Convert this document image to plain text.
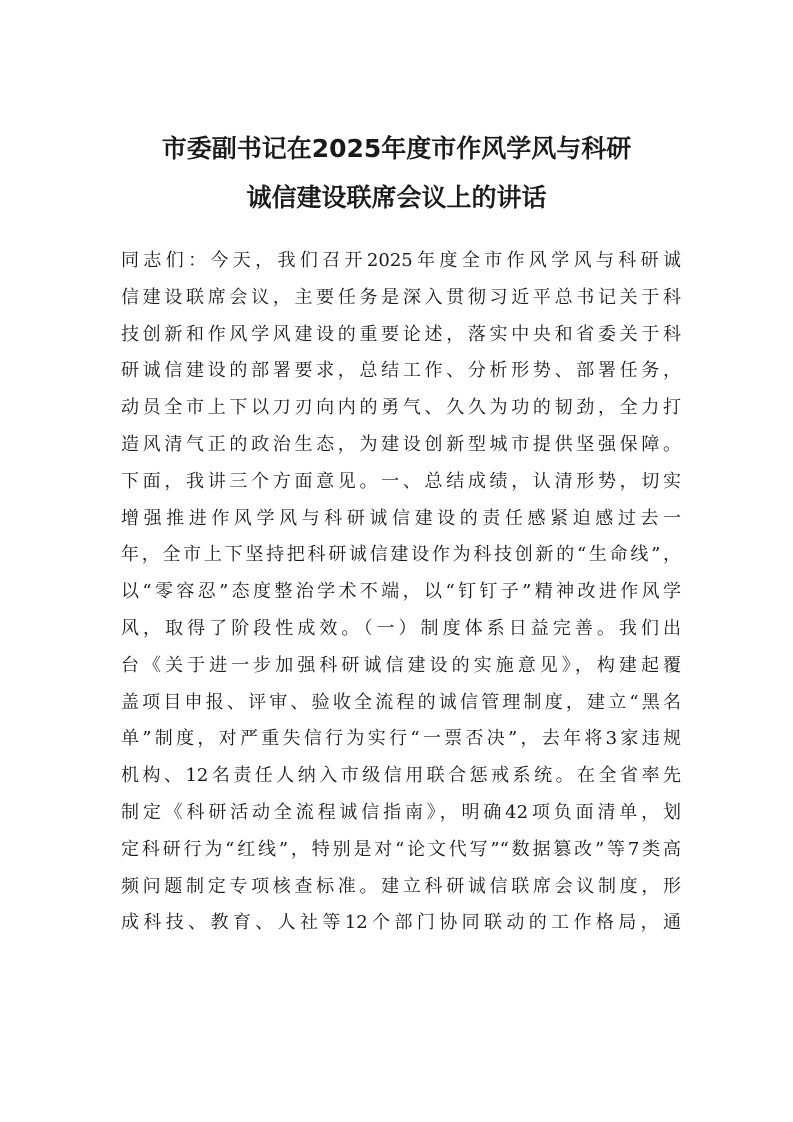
市委副书记在2025年度市作风学风与科研
诚信建设联席会议上的讲话
同志们：今天，我们召开2025年度全市作风学风与科研诚
信建设联席会议，主要任务是深入贯彻习近平总书记关于科
技创新和作风学风建设的重要论述，落实中央和省委关于科
研诚信建设的部署要求，总结工作、分析形势、部署任务，
动员全市上下以刀刃向内的勇气、久久为功的韧劲，全力打
造风清气正的政治生态，为建设创新型城市提供坚强保障。
下面，我讲三个方面意见。一、总结成绩，认清形势，切实
增强推进作风学风与科研诚信建设的责任感紧迫感过去一
年，全市上下坚持把科研诚信建设作为科技创新的“生命线”，
以“零容忍”态度整治学术不端，以“钉钉子”精神改进作风学
风，取得了阶段性成效。（一）制度体系日益完善。我们出
台《关于进一步加强科研诚信建设的实施意见》，构建起覆
盖项目申报、评审、验收全流程的诚信管理制度，建立“黑名
单”制度，对严重失信行为实行“一票否决”，去年将3家违规
机构、12名责任人纳入市级信用联合惩戒系统。在全省率先
制定《科研活动全流程诚信指南》，明确42项负面清单，划
定科研行为“红线”，特别是对“论文代写”“数据篡改”等7类高
频问题制定专项核查标准。建立科研诚信联席会议制度，形
成科技、教育、人社等12个部门协同联动的工作格局，通
